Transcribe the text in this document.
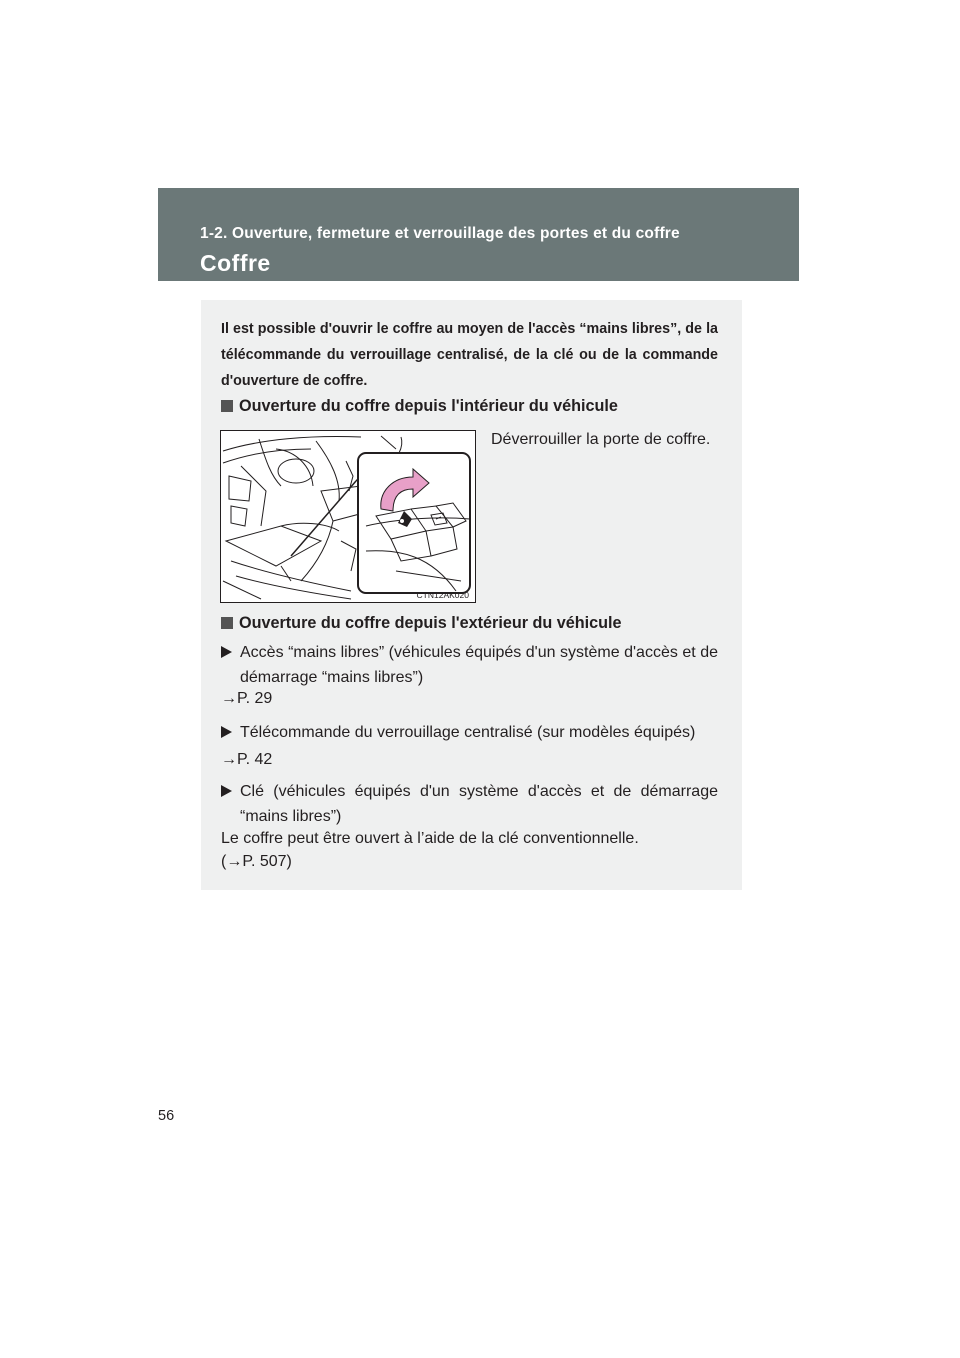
1-2. Ouverture, fermeture et verrouillage des portes et du coffre
Coffre
Il est possible d'ouvrir le coffre au moyen de l'accès “mains libres”, de la télécommande du verrouillage centralisé, de la clé ou de la commande d'ouverture de coffre.
Ouverture du coffre depuis l'intérieur du véhicule
CTN12AK020
Déverrouiller la porte de coffre.
Ouverture du coffre depuis l'extérieur du véhicule
Accès “mains libres” (véhicules équipés d'un système d'accès et de démarrage “mains libres”)
→P. 29
Télécommande du verrouillage centralisé (sur modèles équipés)
→P. 42
Clé (véhicules équipés d'un système d'accès et de démarrage “mains libres”)
Le coffre peut être ouvert à l’aide de la clé conventionnelle.
(→P. 507)
56
